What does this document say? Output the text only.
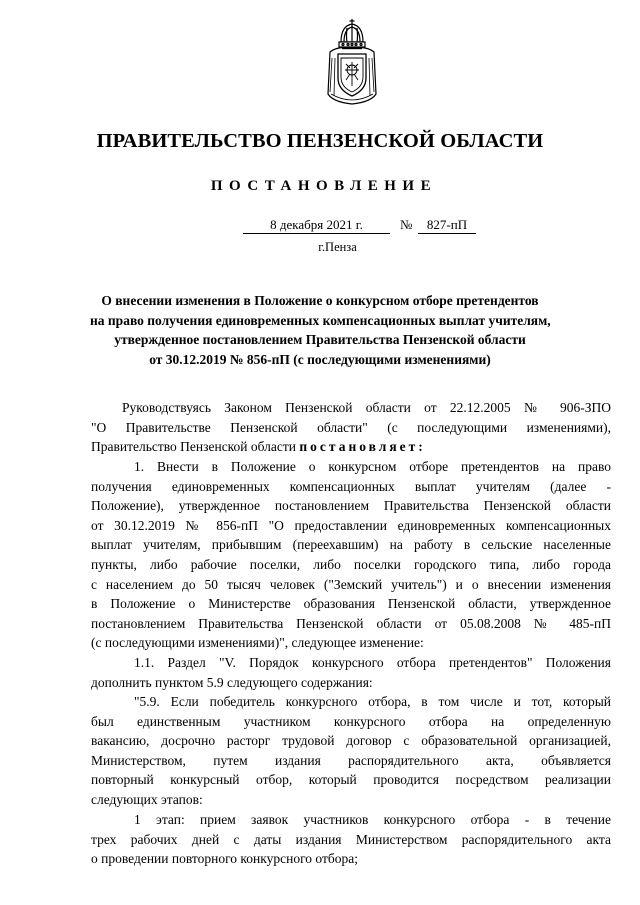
ПРАВИТЕЛЬСТВО ПЕНЗЕНСКОЙ ОБЛАСТИ
ПОСТАНОВЛЕНИЕ
8 декабря 2021 г.	№	827-пП
г.Пенза
О внесении изменения в Положение о конкурсном отборе претендентов
на право получения единовременных компенсационных выплат учителям,
утвержденное постановлением Правительства Пензенской области
от 30.12.2019 № 856-пП (с последующими изменениями)
Руководствуясь Законом Пензенской области от 22.12.2005 № 906-ЗПО
"О Правительстве Пензенской области" (с последующими изменениями),
Правительство Пензенской области постановляет:
1. Внести в Положение о конкурсном отборе претендентов на право
получения единовременных компенсационных выплат учителям (далее -
Положение), утвержденное постановлением Правительства Пензенской области
от 30.12.2019 № 856-пП "О предоставлении единовременных компенсационных
выплат учителям, прибывшим (переехавшим) на работу в сельские населенные
пункты, либо рабочие поселки, либо поселки городского типа, либо города
с населением до 50 тысяч человек ("Земский учитель") и о внесении изменения
в Положение о Министерстве образования Пензенской области, утвержденное
постановлением Правительства Пензенской области от 05.08.2008 № 485-пП
(с последующими изменениями)", следующее изменение:
1.1. Раздел "V. Порядок конкурсного отбора претендентов" Положения
дополнить пунктом 5.9 следующего содержания:
"5.9. Если победитель конкурсного отбора, в том числе и тот, который
был единственным участником конкурсного отбора на определенную
вакансию, досрочно расторг трудовой договор с образовательной организацией,
Министерством, путем издания распорядительного акта, объявляется
повторный конкурсный отбор, который проводится посредством реализации
следующих этапов:
1 этап: прием заявок участников конкурсного отбора - в течение
трех рабочих дней с даты издания Министерством распорядительного акта
о проведении повторного конкурсного отбора;
